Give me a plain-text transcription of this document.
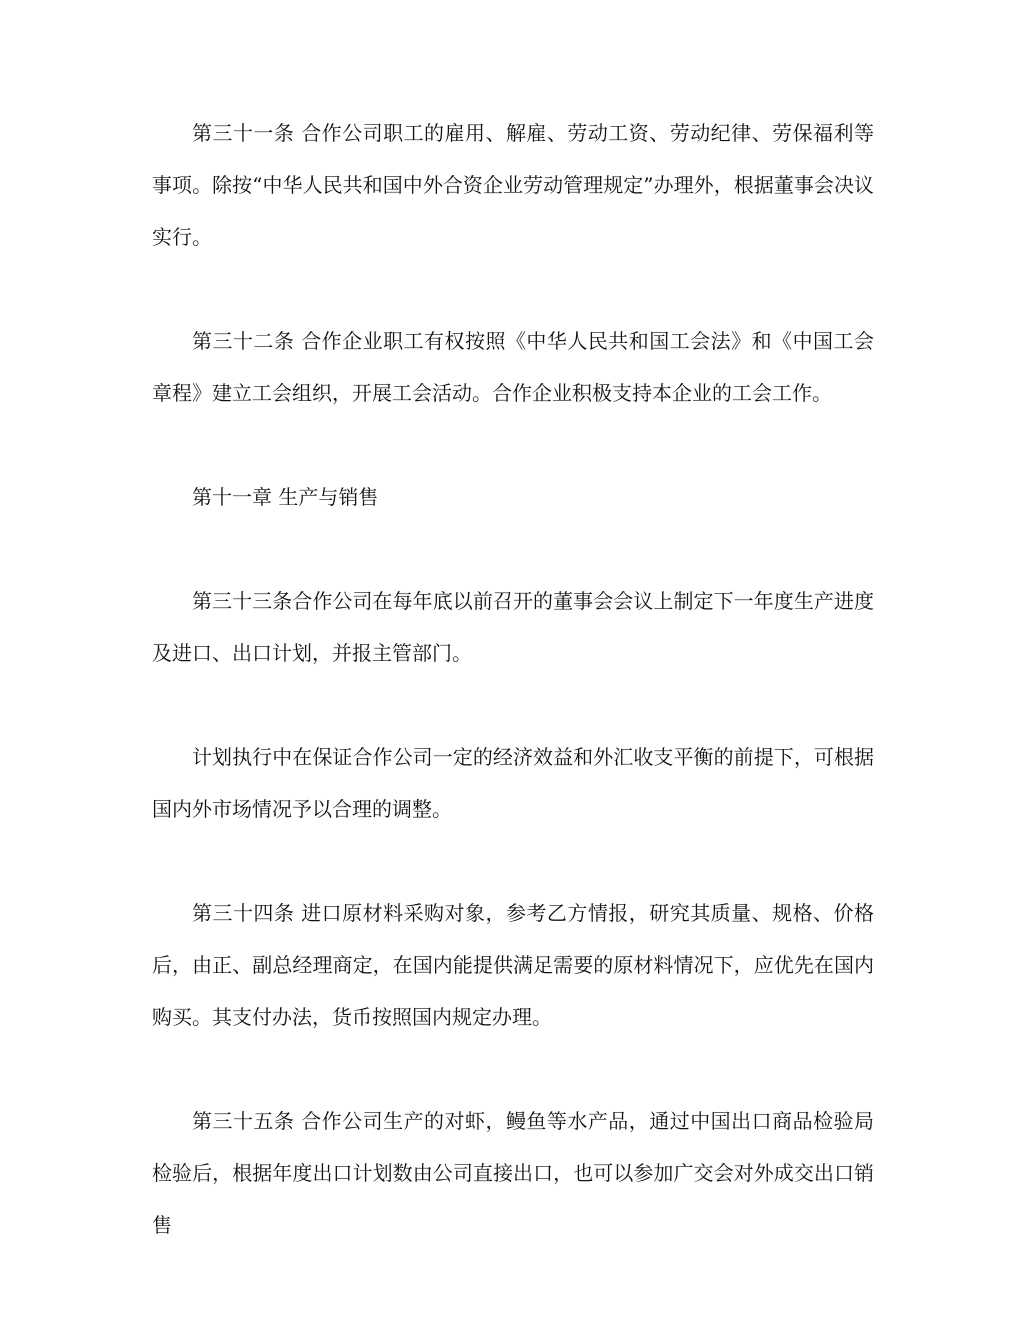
第三十一条 合作公司职工的雇用、解雇、劳动工资、劳动纪律、劳保福利等事项。除按“中华人民共和国中外合资企业劳动管理规定”办理外，根据董事会决议实行。

第三十二条 合作企业职工有权按照《中华人民共和国工会法》和《中国工会章程》建立工会组织，开展工会活动。合作企业积极支持本企业的工会工作。

第十一章 生产与销售

第三十三条合作公司在每年底以前召开的董事会会议上制定下一年度生产进度及进口、出口计划，并报主管部门。

计划执行中在保证合作公司一定的经济效益和外汇收支平衡的前提下，可根据国内外市场情况予以合理的调整。

第三十四条 进口原材料采购对象，参考乙方情报，研究其质量、规格、价格后，由正、副总经理商定，在国内能提供满足需要的原材料情况下，应优先在国内购买。其支付办法，货币按照国内规定办理。

第三十五条 合作公司生产的对虾，鳗鱼等水产品，通过中国出口商品检验局检验后，根据年度出口计划数由公司直接出口，也可以参加广交会对外成交出口销售
